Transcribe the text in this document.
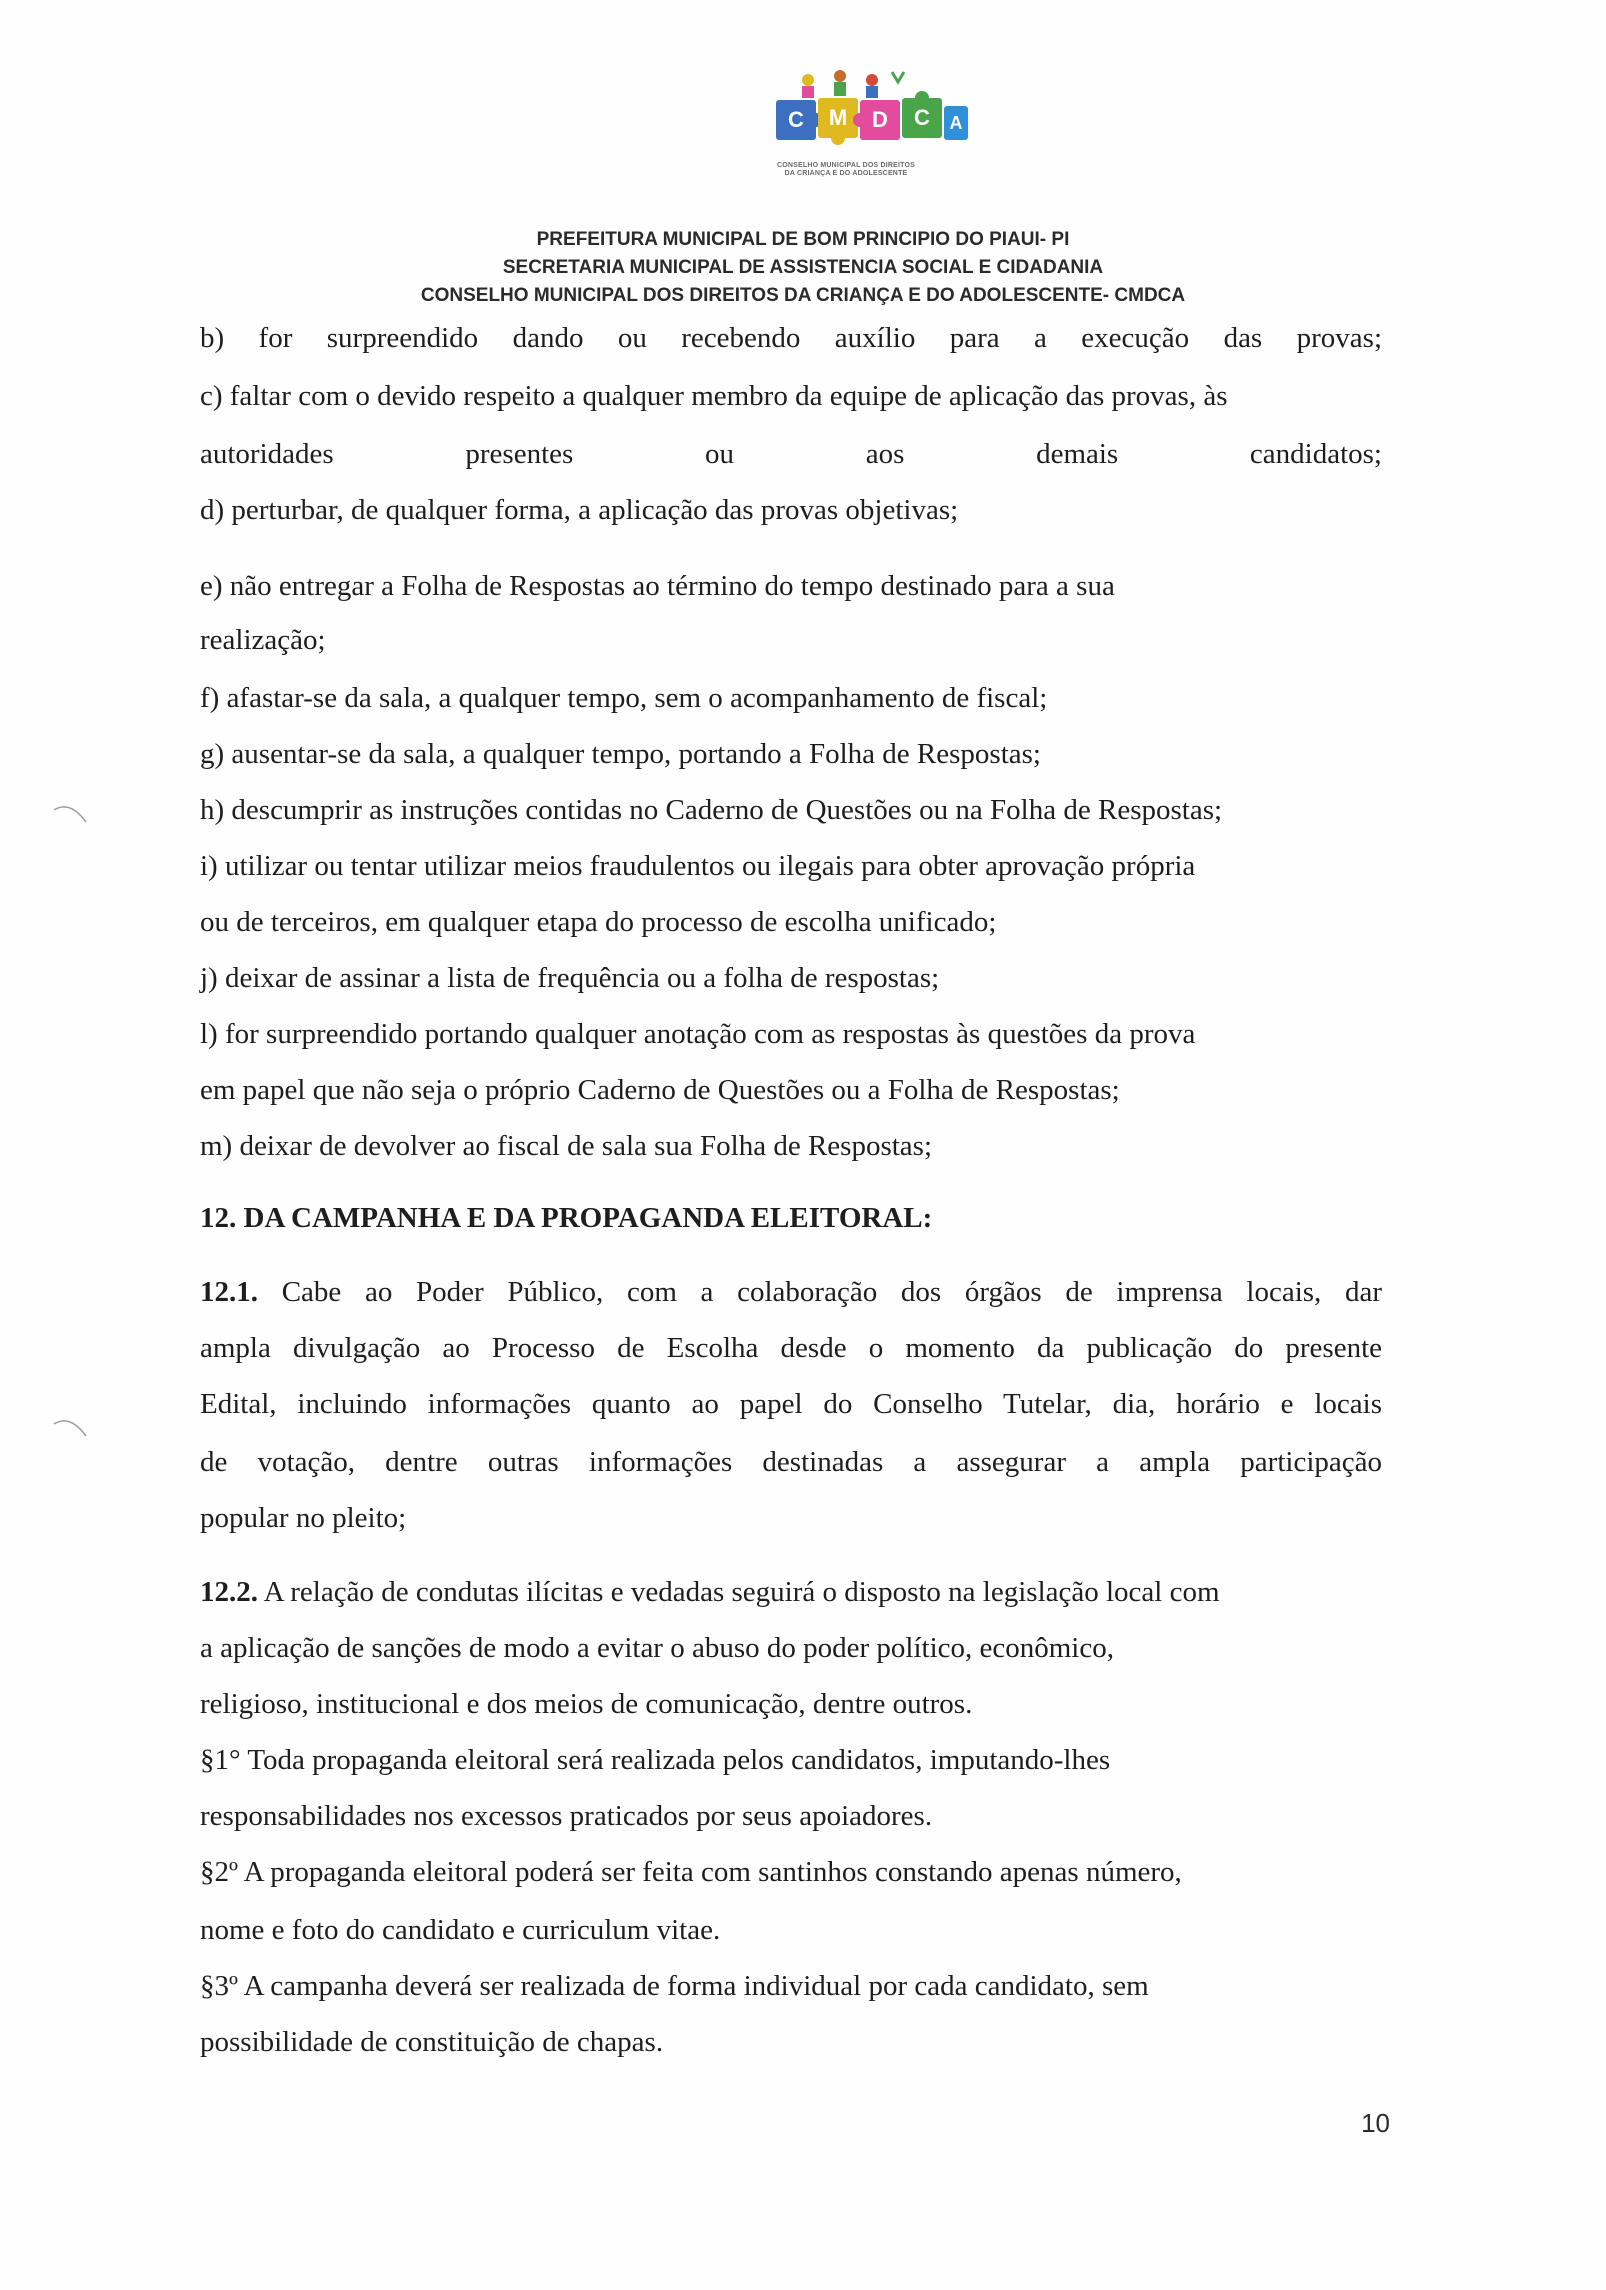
C	M	D	C	A
CONSELHO MUNICIPAL DOS DIREITOS
DA CRIANÇA E DO ADOLESCENTE
PREFEITURA MUNICIPAL DE BOM PRINCIPIO DO PIAUI- PI
SECRETARIA MUNICIPAL DE ASSISTENCIA SOCIAL E CIDADANIA
CONSELHO MUNICIPAL DOS DIREITOS DA CRIANÇA E DO ADOLESCENTE- CMDCA
b) for surpreendido dando ou recebendo auxílio para a execução das provas;
c) faltar com o devido respeito a qualquer membro da equipe de aplicação das provas, às
autoridades presentes ou aos demais candidatos;
d) perturbar, de qualquer forma, a aplicação das provas objetivas;
e) não entregar a Folha de Respostas ao término do tempo destinado para a sua
realização;
f) afastar-se da sala, a qualquer tempo, sem o acompanhamento de fiscal;
g) ausentar-se da sala, a qualquer tempo, portando a Folha de Respostas;
h) descumprir as instruções contidas no Caderno de Questões ou na Folha de Respostas;
i) utilizar ou tentar utilizar meios fraudulentos ou ilegais para obter aprovação própria
ou de terceiros, em qualquer etapa do processo de escolha unificado;
j) deixar de assinar a lista de frequência ou a folha de respostas;
l) for surpreendido portando qualquer anotação com as respostas às questões da prova
em papel que não seja o próprio Caderno de Questões ou a Folha de Respostas;
m) deixar de devolver ao fiscal de sala sua Folha de Respostas;
12. DA CAMPANHA E DA PROPAGANDA ELEITORAL:
12.1. Cabe ao Poder Público, com a colaboração dos órgãos de imprensa locais, dar
ampla divulgação ao Processo de Escolha desde o momento da publicação do presente
Edital, incluindo informações quanto ao papel do Conselho Tutelar, dia, horário e locais
de votação, dentre outras informações destinadas a assegurar a ampla participação
popular no pleito;
12.2. A relação de condutas ilícitas e vedadas seguirá o disposto na legislação local com
a aplicação de sanções de modo a evitar o abuso do poder político, econômico,
religioso, institucional e dos meios de comunicação, dentre outros.
§1° Toda propaganda eleitoral será realizada pelos candidatos, imputando-lhes
responsabilidades nos excessos praticados por seus apoiadores.
§2º A propaganda eleitoral poderá ser feita com santinhos constando apenas número,
nome e foto do candidato e curriculum vitae.
§3º A campanha deverá ser realizada de forma individual por cada candidato, sem
possibilidade de constituição de chapas.
10
